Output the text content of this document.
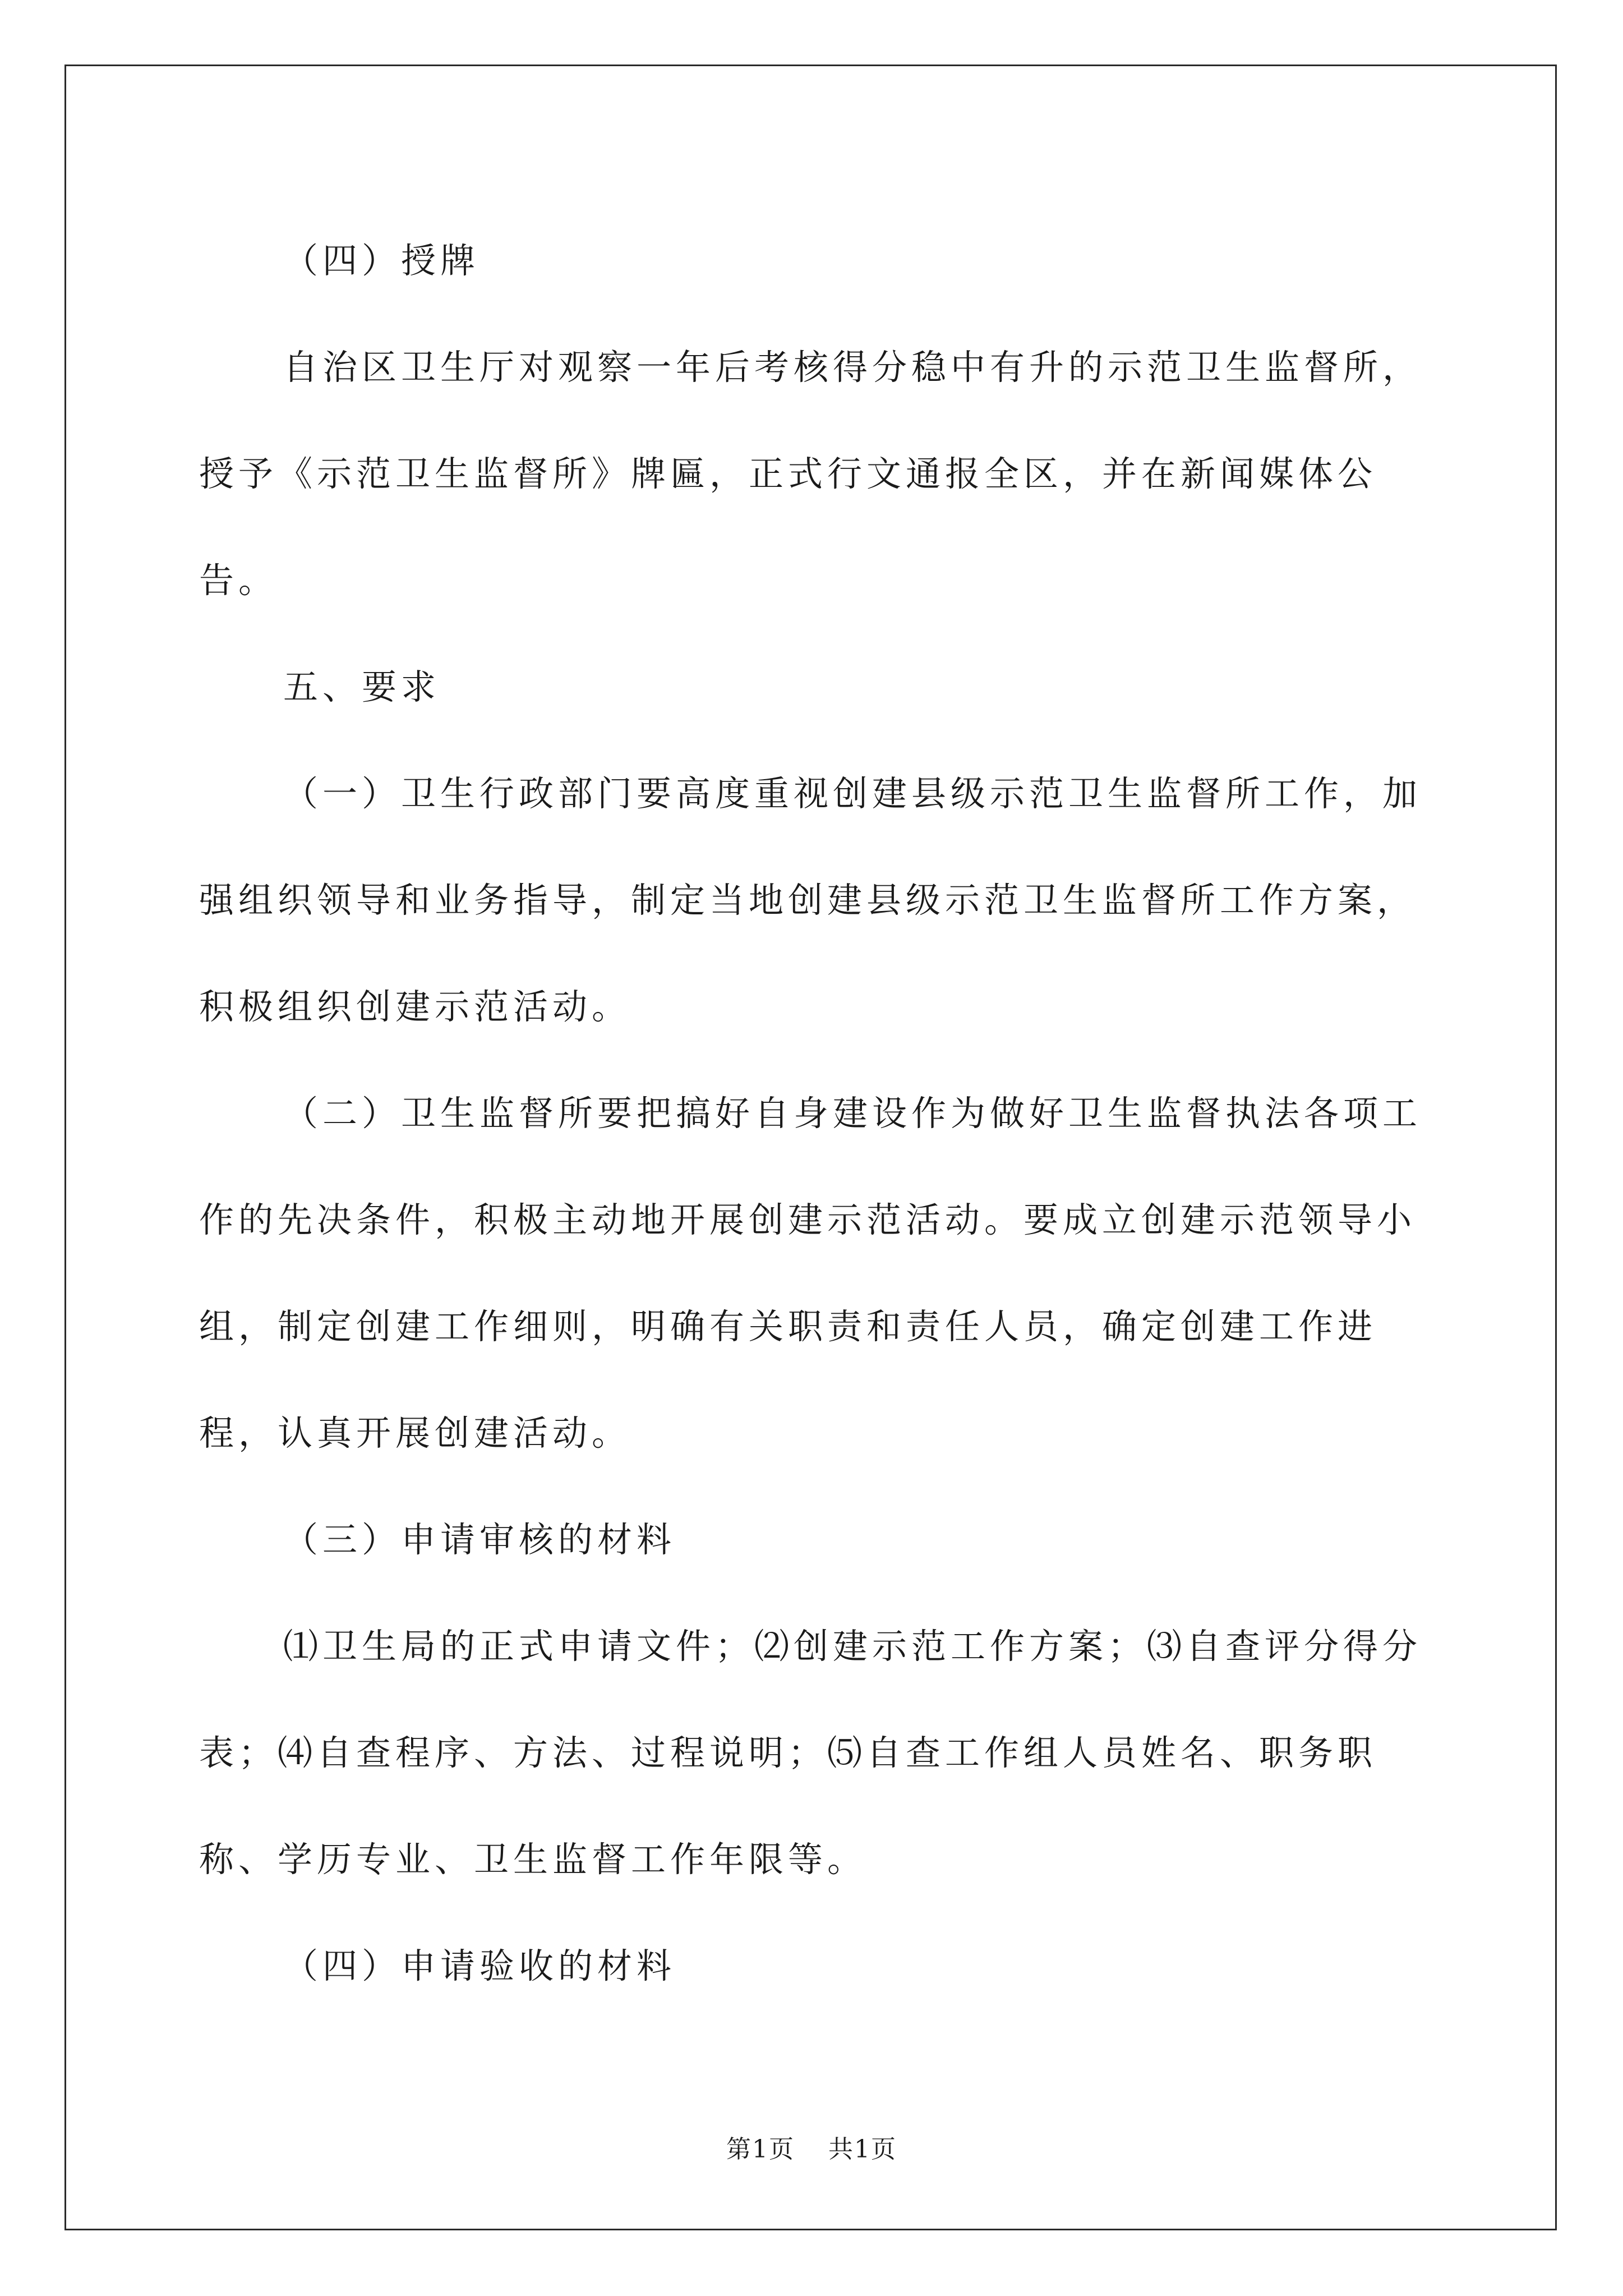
（四）授牌

自治区卫生厅对观察一年后考核得分稳中有升的示范卫生监督所，授予《示范卫生监督所》牌匾，正式行文通报全区，并在新闻媒体公告。

五、要求

（一）卫生行政部门要高度重视创建县级示范卫生监督所工作，加强组织领导和业务指导，制定当地创建县级示范卫生监督所工作方案，积极组织创建示范活动。

（二）卫生监督所要把搞好自身建设作为做好卫生监督执法各项工作的先决条件，积极主动地开展创建示范活动。要成立创建示范领导小组，制定创建工作细则，明确有关职责和责任人员，确定创建工作进程，认真开展创建活动。

（三）申请审核的材料

⑴卫生局的正式申请文件；⑵创建示范工作方案；⑶自查评分得分表；⑷自查程序、方法、过程说明；⑸自查工作组人员姓名、职务职称、学历专业、卫生监督工作年限等。

（四）申请验收的材料

第1页 共1页
